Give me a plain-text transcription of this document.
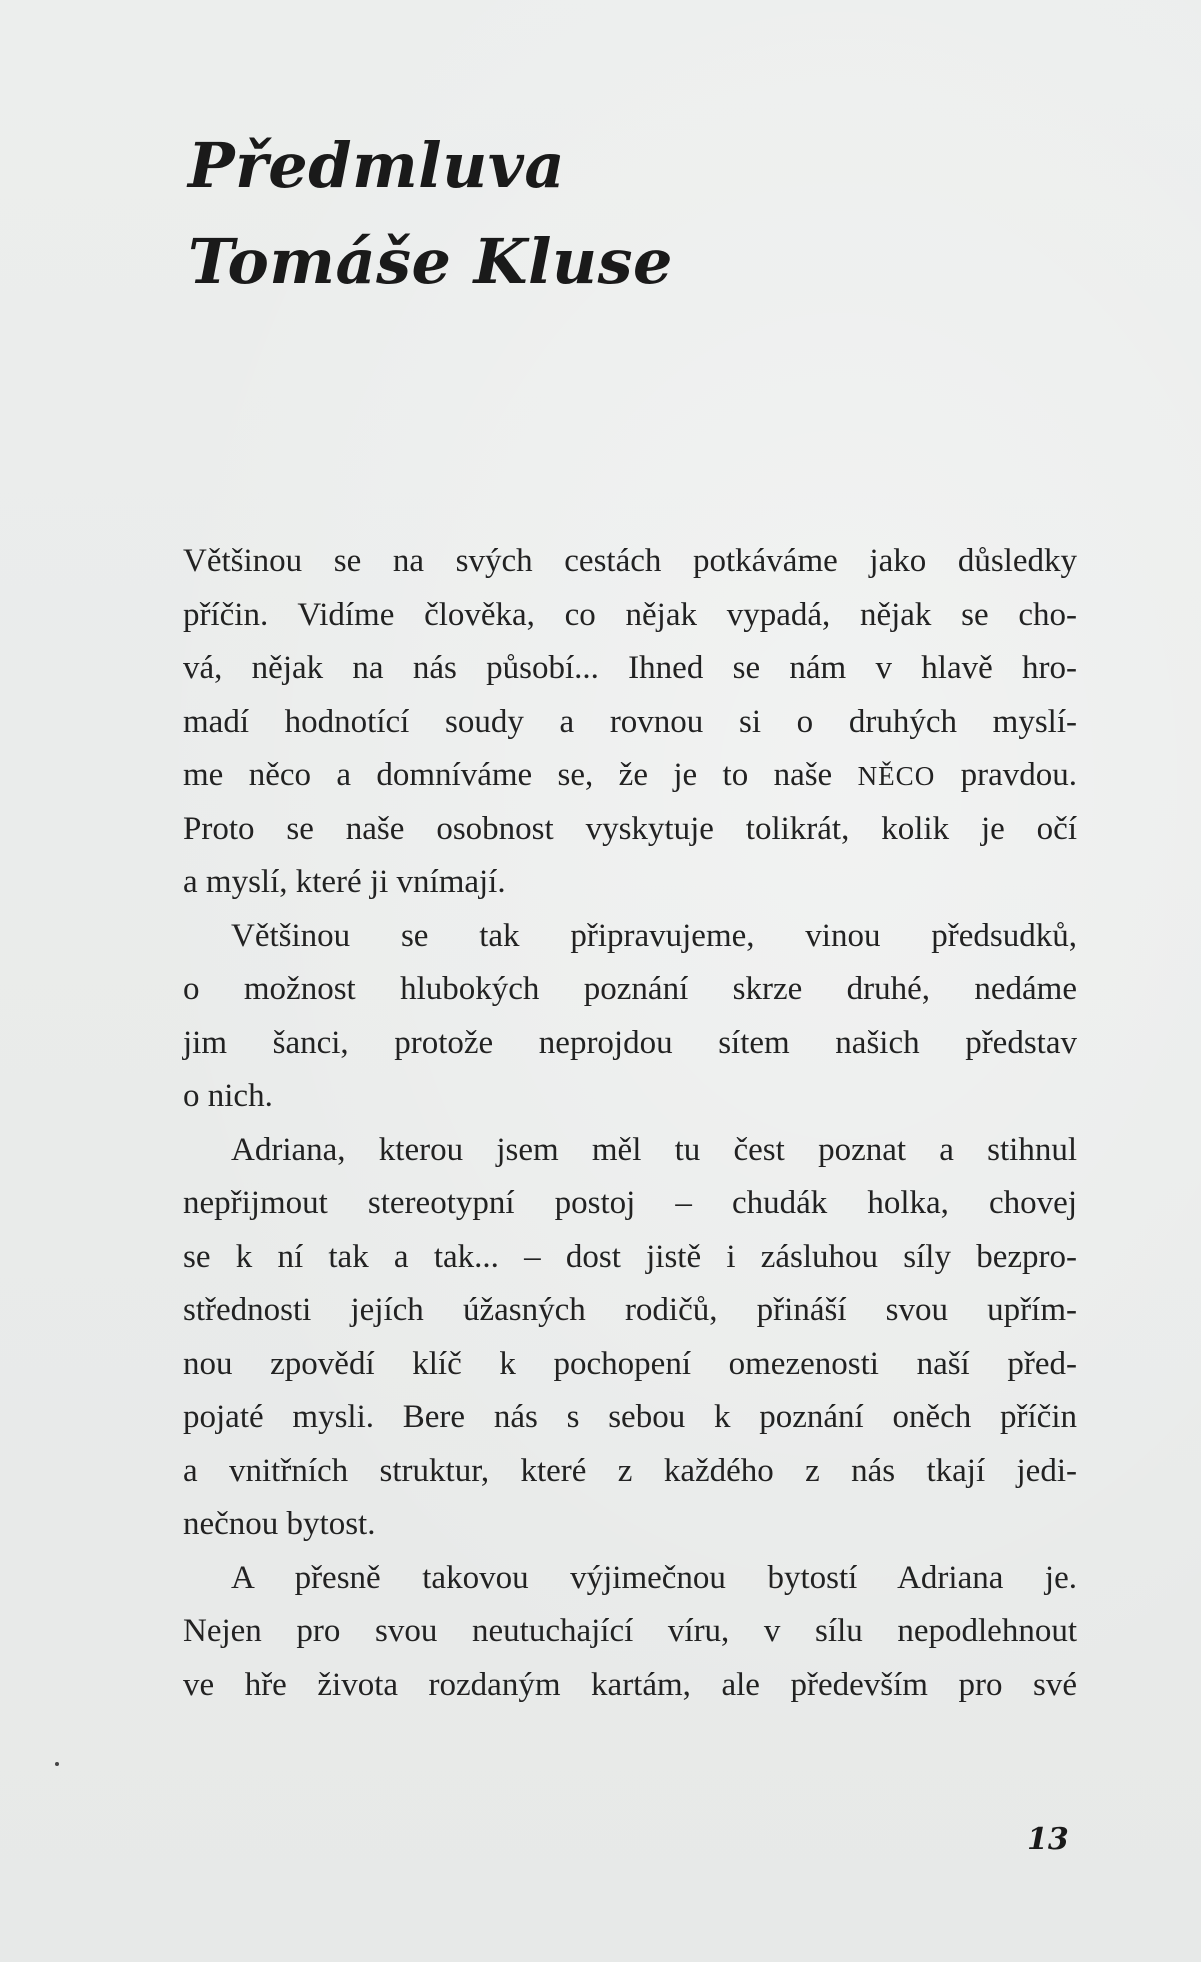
Předmluva
Tomáše Kluse
Většinou se na svých cestách potkáváme jako důsledky
příčin. Vidíme člověka, co nějak vypadá, nějak se cho-
vá, nějak na nás působí... Ihned se nám v hlavě hro-
madí hodnotící soudy a rovnou si o druhých myslí-
me něco a domníváme se, že je to naše NĚCO pravdou.
Proto se naše osobnost vyskytuje tolikrát, kolik je očí
a myslí, které ji vnímají.
Většinou se tak připravujeme, vinou předsudků,
o možnost hlubokých poznání skrze druhé, nedáme
jim šanci, protože neprojdou sítem našich představ
o nich.
Adriana, kterou jsem měl tu čest poznat a stihnul
nepřijmout stereotypní postoj – chudák holka, chovej
se k ní tak a tak... – dost jistě i zásluhou síly bezpro-
střednosti jejích úžasných rodičů, přináší svou upřím-
nou zpovědí klíč k pochopení omezenosti naší před-
pojaté mysli. Bere nás s sebou k poznání oněch příčin
a vnitřních struktur, které z každého z nás tkají jedi-
nečnou bytost.
A přesně takovou výjimečnou bytostí Adriana je.
Nejen pro svou neutuchající víru, v sílu nepodlehnout
ve hře života rozdaným kartám, ale především pro své
13
